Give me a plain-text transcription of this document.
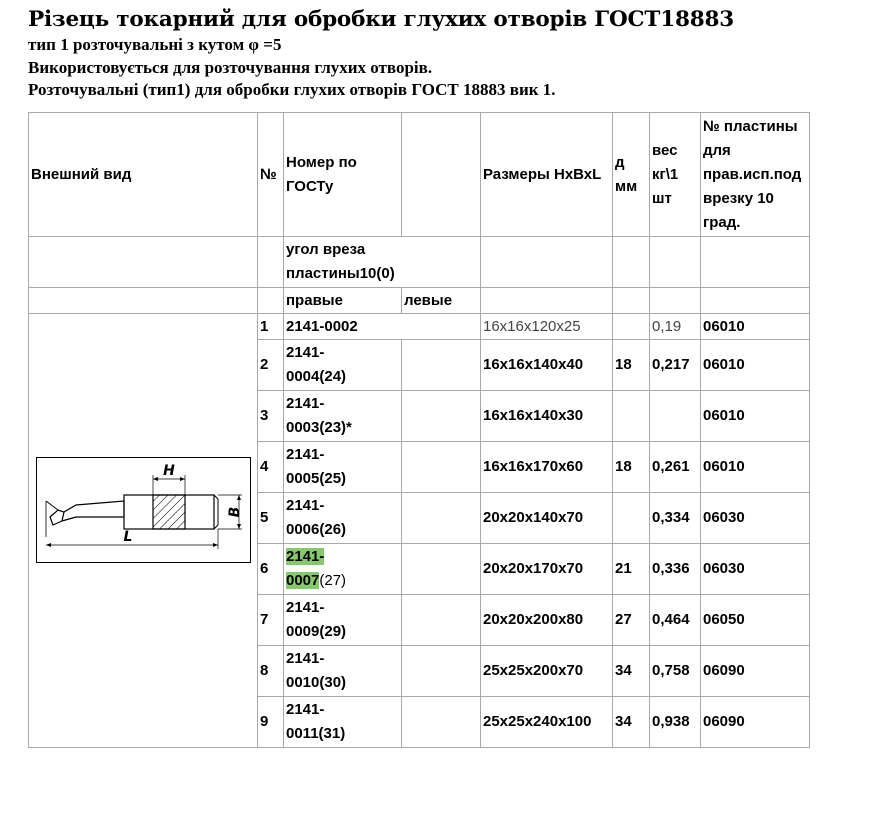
Різець токарний для обробки глухих отворів ГОСТ18883

тип 1 розточувальні з кутом φ =5

Використовується для розточування глухих отворів.

Розточувальні (тип1) для обробки глухих отворів ГОСТ 18883 вик 1.

Внешний вид	№	Номер по ГОСТу		Размеры НхВхL	д мм	вес кг\1 шт	№ пластины для прав.исп.под врезку 10 град.
		угол вреза пластины10(0)					
		правые	левые				

H
B
L	1	2141-0002		16х16х120х25		0,19	06010
	2	2141-
0004(24)		16х16х140х40	18	0,217	06010
	3	2141-
0003(23)*		16х16х140х30			06010
	4	2141-
0005(25)		16х16х170х60	18	0,261	06010
	5	2141-
0006(26)		20х20х140х70		0,334	06030
	6	2141-
0007(27)		20х20х170х70	21	0,336	06030
	7	2141-
0009(29)		20х20х200х80	27	0,464	06050
	8	2141-
0010(30)		25х25х200х70	34	0,758	06090
	9	2141-
0011(31)		25х25х240х100	34	0,938	06090
